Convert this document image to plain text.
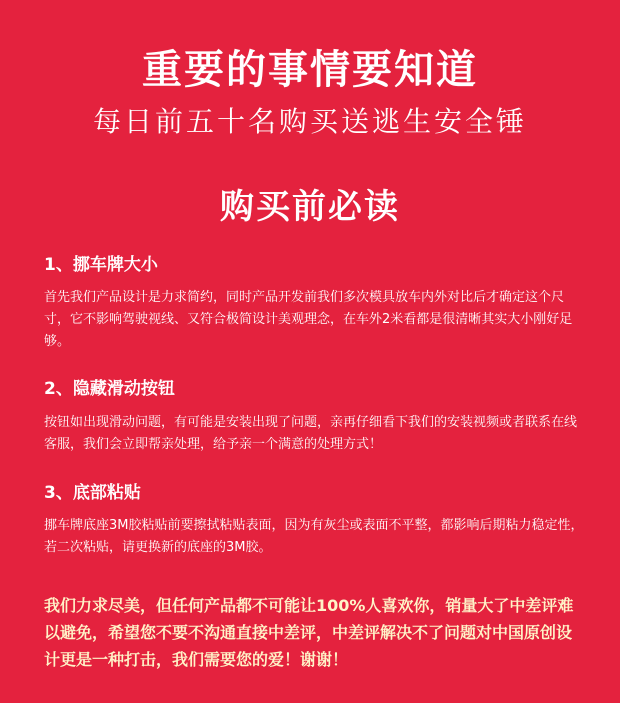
重要的事情要知道
每日前五十名购买送逃生安全锤
购买前必读
1、挪车牌大小
首先我们产品设计是力求简约，同时产品开发前我们多次模具放车内外对比后才确定这个尺寸，它不影响驾驶视线、又符合极简设计美观理念，在车外2米看都是很清晰其实大小刚好足够。
2、隐藏滑动按钮
按钮如出现滑动问题，有可能是安装出现了问题，亲再仔细看下我们的安装视频或者联系在线客服，我们会立即帮亲处理，给予亲一个满意的处理方式！
3、底部粘贴
挪车牌底座3M胶粘贴前要擦拭粘贴表面，因为有灰尘或表面不平整，都影响后期粘力稳定性，若二次粘贴，请更换新的底座的3M胶。
我们力求尽美，但任何产品都不可能让100%人喜欢你，销量大了中差评难以避免，希望您不要不沟通直接中差评，中差评解决不了问题对中国原创设计更是一种打击，我们需要您的爱！谢谢！
